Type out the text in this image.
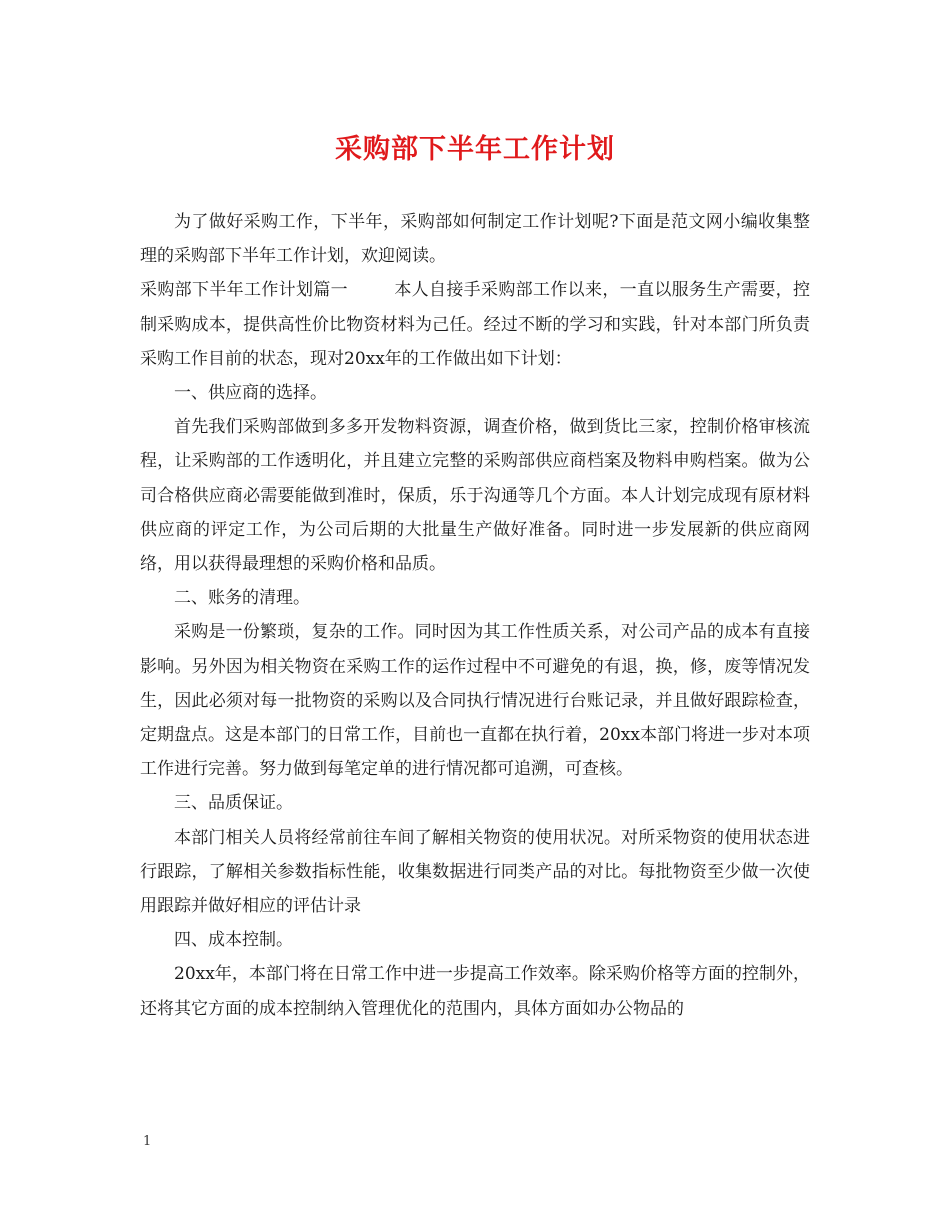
采购部下半年工作计划

为了做好采购工作，下半年，采购部如何制定工作计划呢?下面是范文网小编收集整理的采购部下半年工作计划，欢迎阅读。

采购部下半年工作计划篇一	本人自接手采购部工作以来，一直以服务生产需要，控制采购成本，提供高性价比物资材料为己任。经过不断的学习和实践，针对本部门所负责采购工作目前的状态，现对20xx年的工作做出如下计划：

一、供应商的选择。

首先我们采购部做到多多开发物料资源，调查价格，做到货比三家，控制价格审核流程，让采购部的工作透明化，并且建立完整的采购部供应商档案及物料申购档案。做为公司合格供应商必需要能做到准时，保质，乐于沟通等几个方面。本人计划完成现有原材料供应商的评定工作，为公司后期的大批量生产做好准备。同时进一步发展新的供应商网络，用以获得最理想的采购价格和品质。

二、账务的清理。

采购是一份繁琐，复杂的工作。同时因为其工作性质关系，对公司产品的成本有直接影响。另外因为相关物资在采购工作的运作过程中不可避免的有退，换，修，废等情况发生，因此必须对每一批物资的采购以及合同执行情况进行台账记录，并且做好跟踪检查，定期盘点。这是本部门的日常工作，目前也一直都在执行着，20xx本部门将进一步对本项工作进行完善。努力做到每笔定单的进行情况都可追溯，可查核。

三、品质保证。

本部门相关人员将经常前往车间了解相关物资的使用状况。对所采物资的使用状态进行跟踪，了解相关参数指标性能，收集数据进行同类产品的对比。每批物资至少做一次使用跟踪并做好相应的评估计录

四、成本控制。

20xx年，本部门将在日常工作中进一步提高工作效率。除采购价格等方面的控制外，还将其它方面的成本控制纳入管理优化的范围内，具体方面如办公物品的

1
